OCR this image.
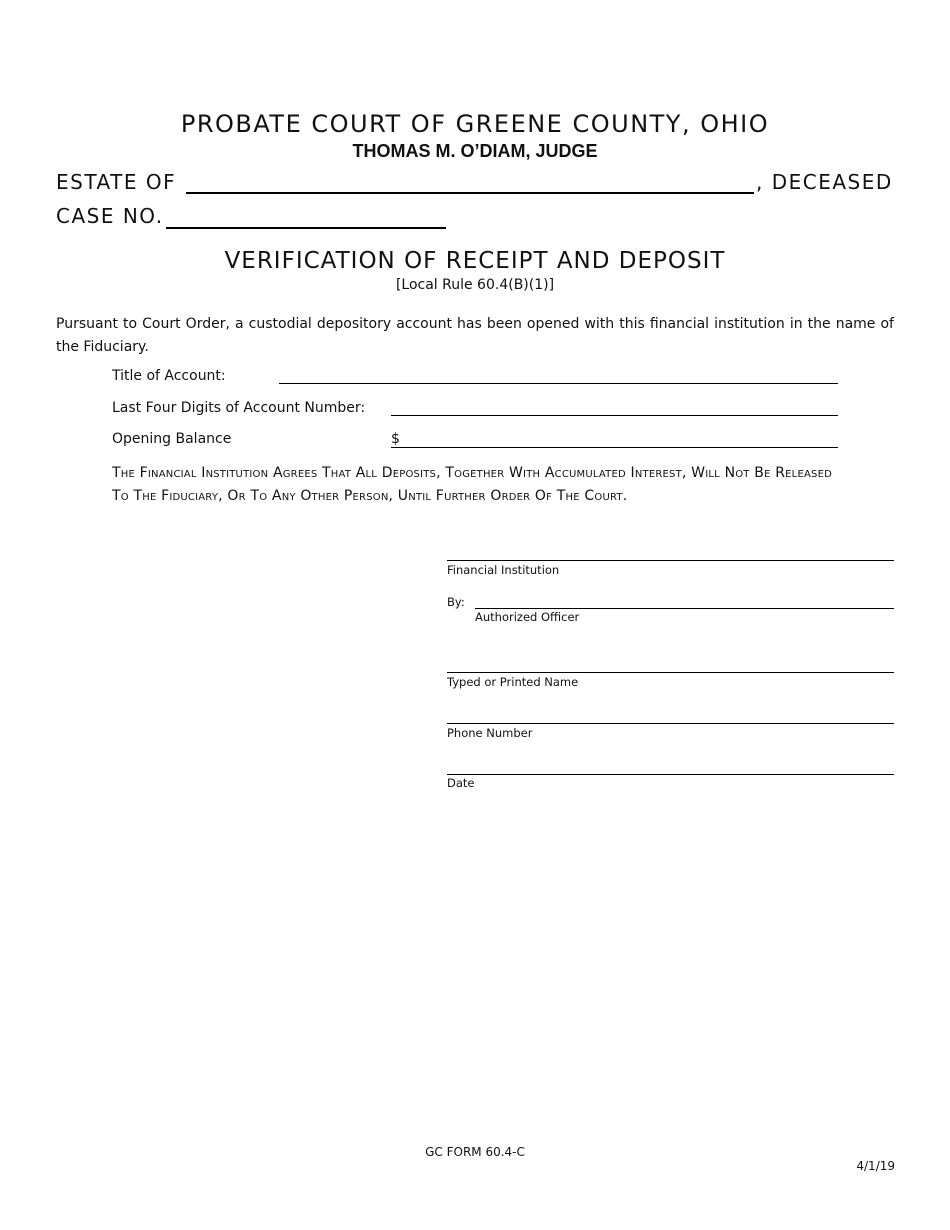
PROBATE COURT OF GREENE COUNTY, OHIO
THOMAS M. O’DIAM, JUDGE
ESTATE OF	, DECEASED
CASE NO.
VERIFICATION OF RECEIPT AND DEPOSIT
[Local Rule 60.4(B)(1)]
Pursuant to Court Order, a custodial depository account has been opened with this financial institution in the name of the Fiduciary.
Title of Account:
Last Four Digits of Account Number:
Opening Balance	$
The Financial Institution Agrees That All Deposits, Together With Accumulated Interest, Will Not Be Released To The Fiduciary, Or To Any Other Person, Until Further Order Of The Court.
Financial Institution
By:
Authorized Officer
Typed or Printed Name
Phone Number
Date
GC FORM 60.4-C
4/1/19
